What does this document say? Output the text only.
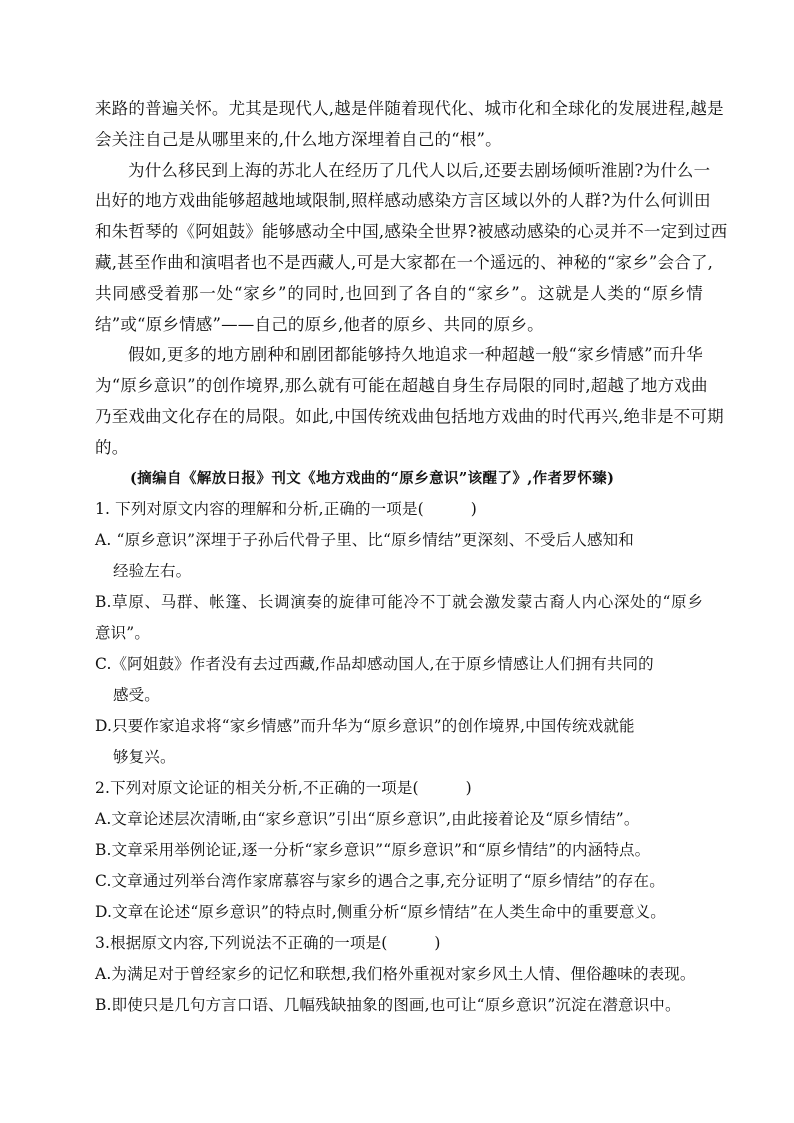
来路的普遍关怀。尤其是现代人,越是伴随着现代化、城市化和全球化的发展进程,越是
会关注自己是从哪里来的,什么地方深埋着自己的“根”。
为什么移民到上海的苏北人在经历了几代人以后,还要去剧场倾听淮剧?为什么一
出好的地方戏曲能够超越地域限制,照样感动感染方言区域以外的人群?为什么何训田
和朱哲琴的《阿姐鼓》能够感动全中国,感染全世界?被感动感染的心灵并不一定到过西
藏,甚至作曲和演唱者也不是西藏人,可是大家都在一个遥远的、神秘的“家乡”会合了,
共同感受着那一处“家乡”的同时,也回到了各自的“家乡”。这就是人类的“原乡情
结”或“原乡情感”——自己的原乡,他者的原乡、共同的原乡。
假如,更多的地方剧种和剧团都能够持久地追求一种超越一般“家乡情感”而升华
为“原乡意识”的创作境界,那么就有可能在超越自身生存局限的同时,超越了地方戏曲
乃至戏曲文化存在的局限。如此,中国传统戏曲包括地方戏曲的时代再兴,绝非是不可期
的。
(摘编自《解放日报》刊文《地方戏曲的“原乡意识”该醒了》,作者罗怀臻)
1. 下列对原文内容的理解和分析,正确的一项是(　　　)
A. “原乡意识”深埋于子孙后代骨子里、比“原乡情结”更深刻、不受后人感知和
经验左右。
B.草原、马群、帐篷、长调演奏的旋律可能冷不丁就会激发蒙古裔人内心深处的“原乡
意识”。
C.《阿姐鼓》作者没有去过西藏,作品却感动国人,在于原乡情感让人们拥有共同的
感受。
D.只要作家追求将“家乡情感”而升华为“原乡意识”的创作境界,中国传统戏就能
够复兴。
2.下列对原文论证的相关分析,不正确的一项是(　　　)
A.文章论述层次清晰,由“家乡意识”引出“原乡意识”,由此接着论及“原乡情结”。
B.文章采用举例论证,逐一分析“家乡意识”“原乡意识”和“原乡情结”的内涵特点。
C.文章通过列举台湾作家席慕容与家乡的遇合之事,充分证明了“原乡情结”的存在。
D.文章在论述“原乡意识”的特点时,侧重分析“原乡情结”在人类生命中的重要意义。
3.根据原文内容,下列说法不正确的一项是(　　　)
A.为满足对于曾经家乡的记忆和联想,我们格外重视对家乡风土人情、俚俗趣味的表现。
B.即使只是几句方言口语、几幅残缺抽象的图画,也可让“原乡意识”沉淀在潜意识中。
